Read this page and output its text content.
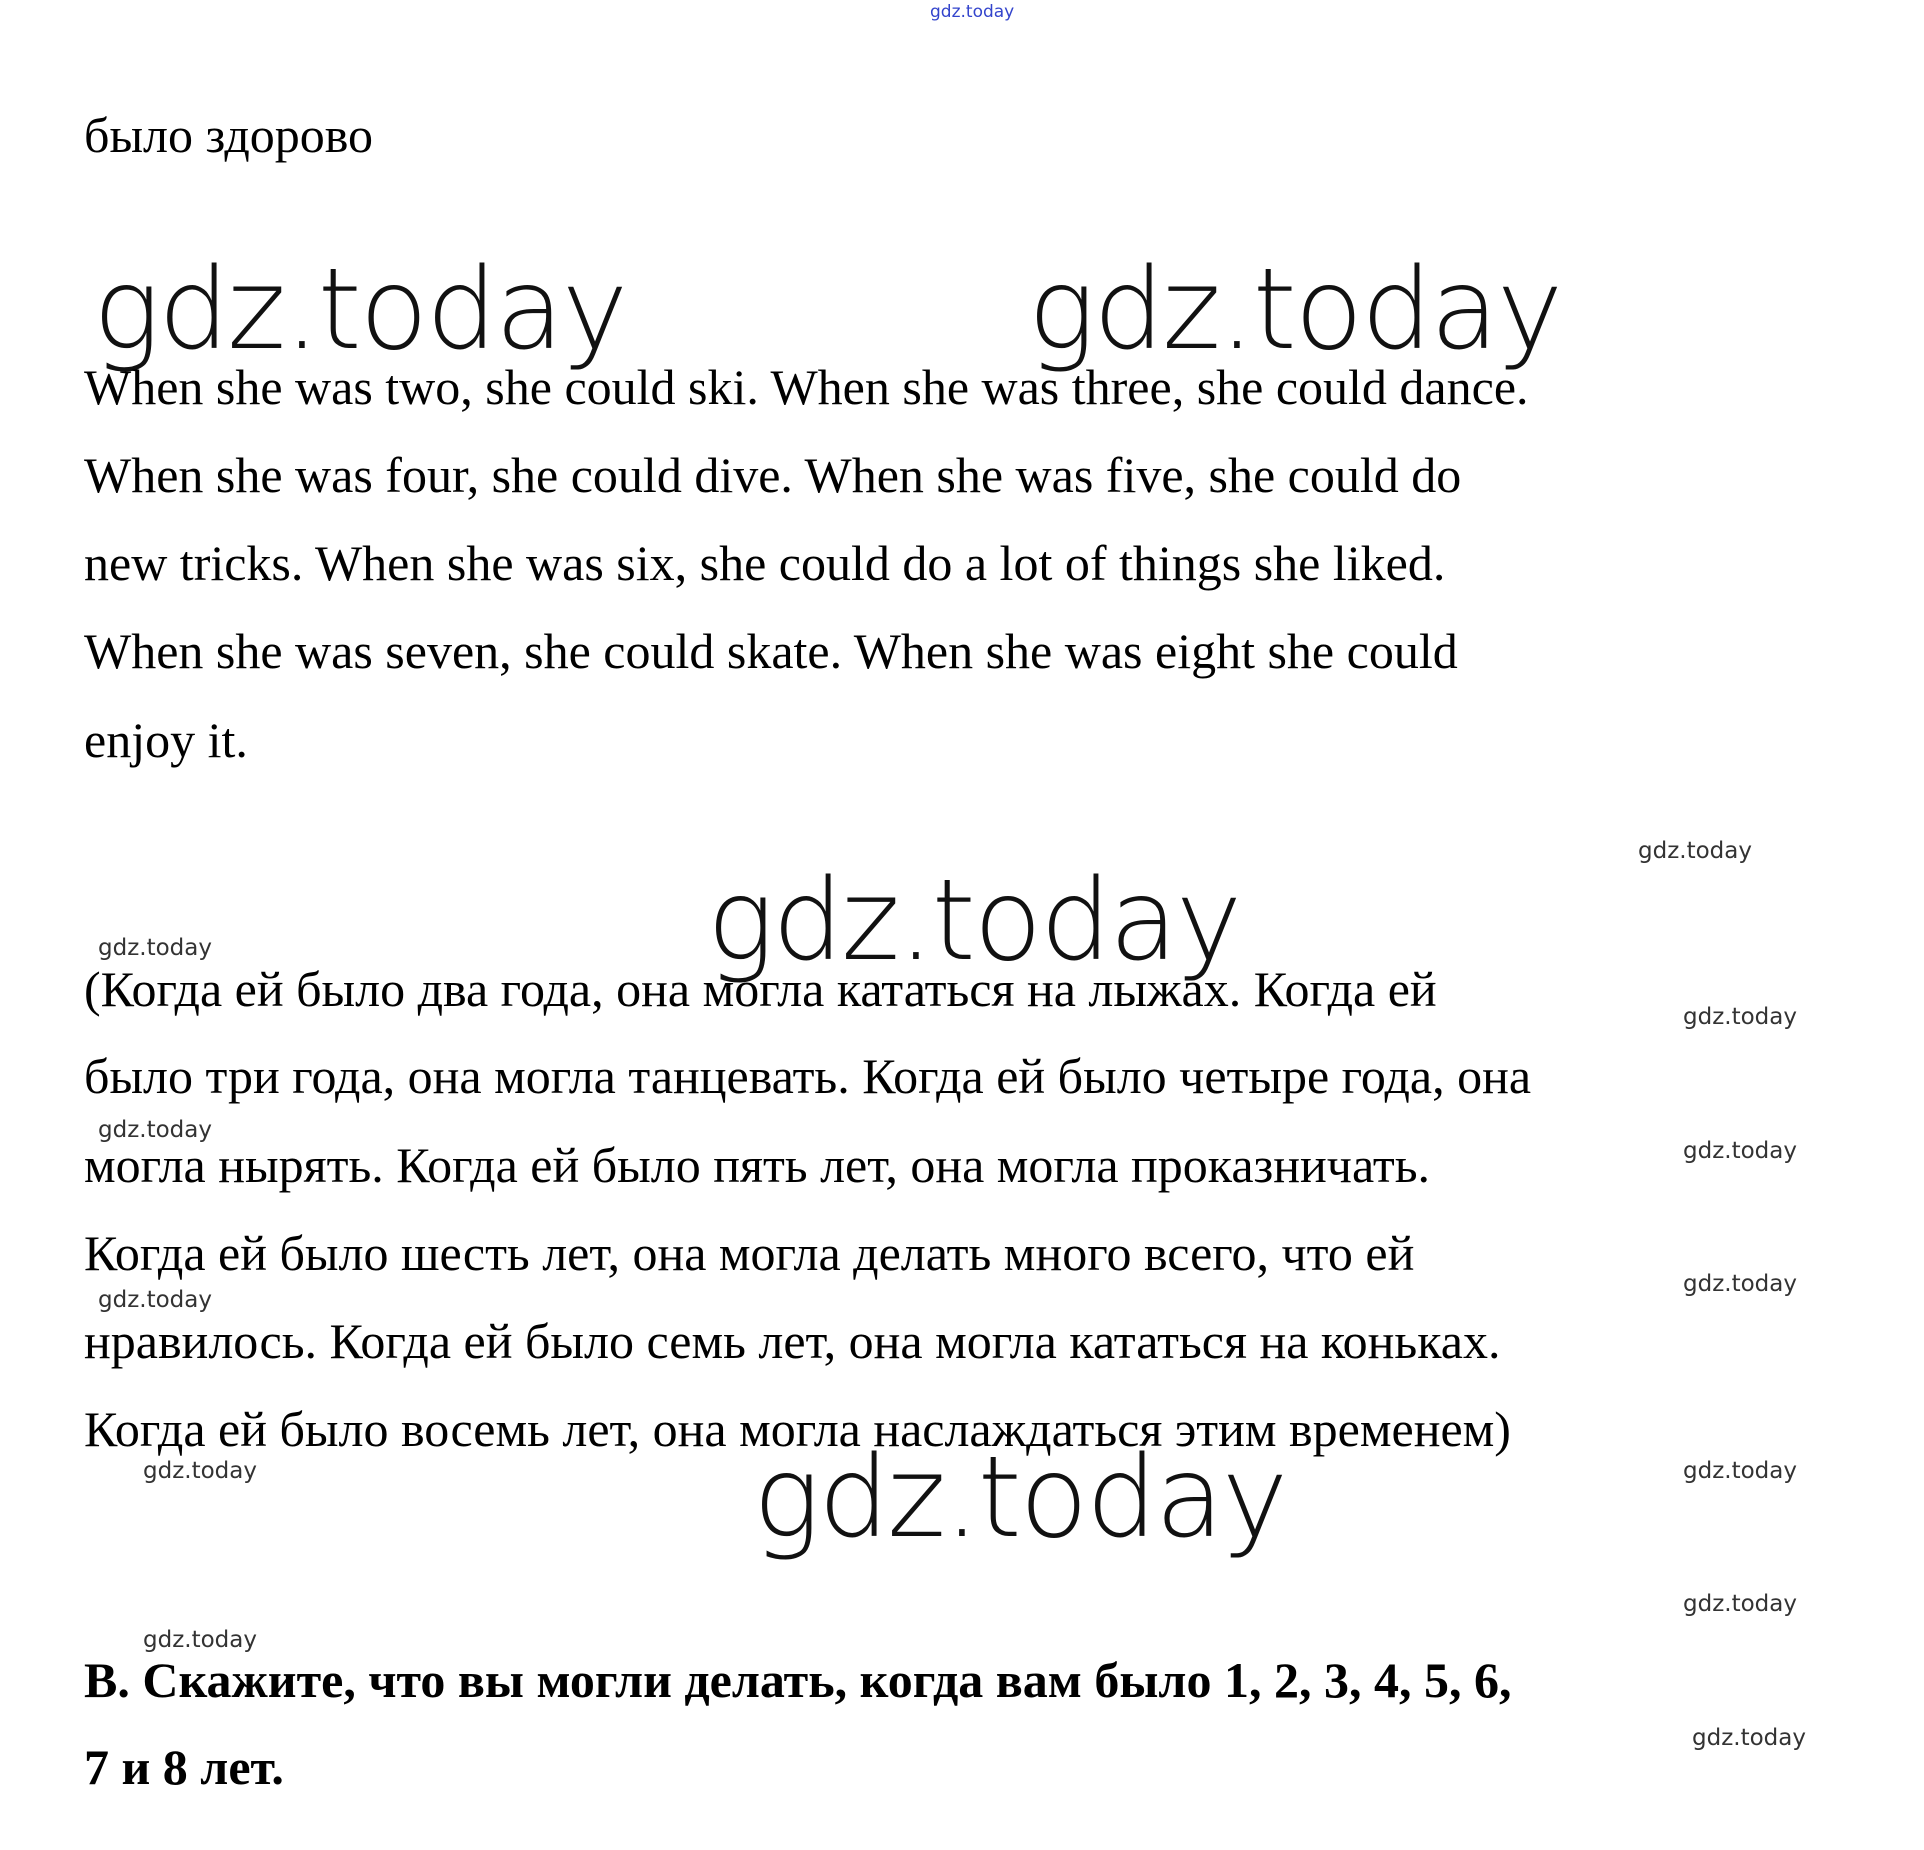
gdz.today
было здорово
gdz.today	gdz.today
When she was two, she could ski. When she was three, she could dance.
When she was four, she could dive. When she was five, she could do
new tricks. When she was six, she could do a lot of things she liked.
When she was seven, she could skate. When she was eight she could
enjoy it.
gdz.today
gdz.today
gdz.today
(Когда ей было два года, она могла кататься на лыжах. Когда ей
было три года, она могла танцевать. Когда ей было четыре года, она
могла нырять. Когда ей было пять лет, она могла проказничать.
Когда ей было шесть лет, она могла делать много всего, что ей
нравилось. Когда ей было семь лет, она могла кататься на коньках.
Когда ей было восемь лет, она могла наслаждаться этим временем)
gdz.today
gdz.today
gdz.today
gdz.today
gdz.today
gdz.today	gdz.today
gdz.today
gdz.today
gdz.today
B. Скажите, что вы могли делать, когда вам было 1, 2, 3, 4, 5, 6,
7 и 8 лет.
gdz.today
